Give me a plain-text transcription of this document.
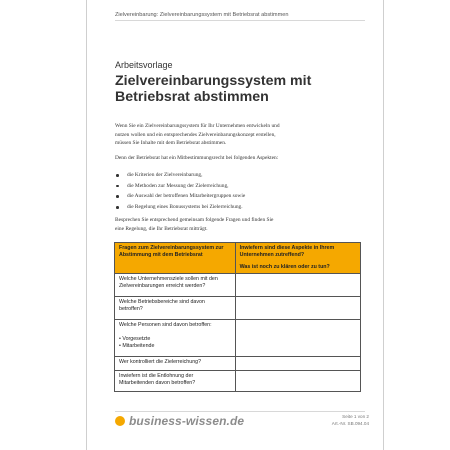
Zielvereinbarung: Zielvereinbarungssystem mit Betriebsrat abstimmen
Arbeitsvorlage
Zielvereinbarungssystem mit
Betriebsrat abstimmen
Wenn Sie ein Zielvereinbarungssystem für Ihr Unternehmen entwickeln und
nutzen wollen und ein entsprechendes Zielvereinbarungskonzept erstellen,
müssen Sie Inhalte mit dem Betriebsrat abstimmen.
Denn der Betriebsrat hat ein Mitbestimmungsrecht bei folgenden Aspekten:
die Kriterien der Zielvereinbarung,
die Methoden zur Messung der Zielerreichung,
die Auswahl der betroffenen Mitarbeitergruppen sowie
die Regelung eines Bonussystems bei Zielerreichung.
Besprechen Sie entsprechend gemeinsam folgende Fragen und finden Sie
eine Regelung, die Ihr Betriebsrat mitträgt.
Fragen zum Zielvereinbarungssystem zur Abstimmung mit dem Betriebsrat	Inwiefern sind diese Aspekte in Ihrem Unternehmen zutreffend?
Was ist noch zu klären oder zu tun?

Welche Unternehmensziele sollen mit den
Zielvereinbarungen erreicht werden?	

Welche Betriebsbereiche sind davon
betroffen?	

Welche Personen sind davon betroffen:
• Vorgesetzte
• Mitarbeitende	

Wer kontrolliert die Zielerreichung?	

Inwiefern ist die Entlohnung der
Mitarbeitenden davon betroffen?	

business-wissen.de	Seite 1 von 2
Art.-Nr. SB.094.04
